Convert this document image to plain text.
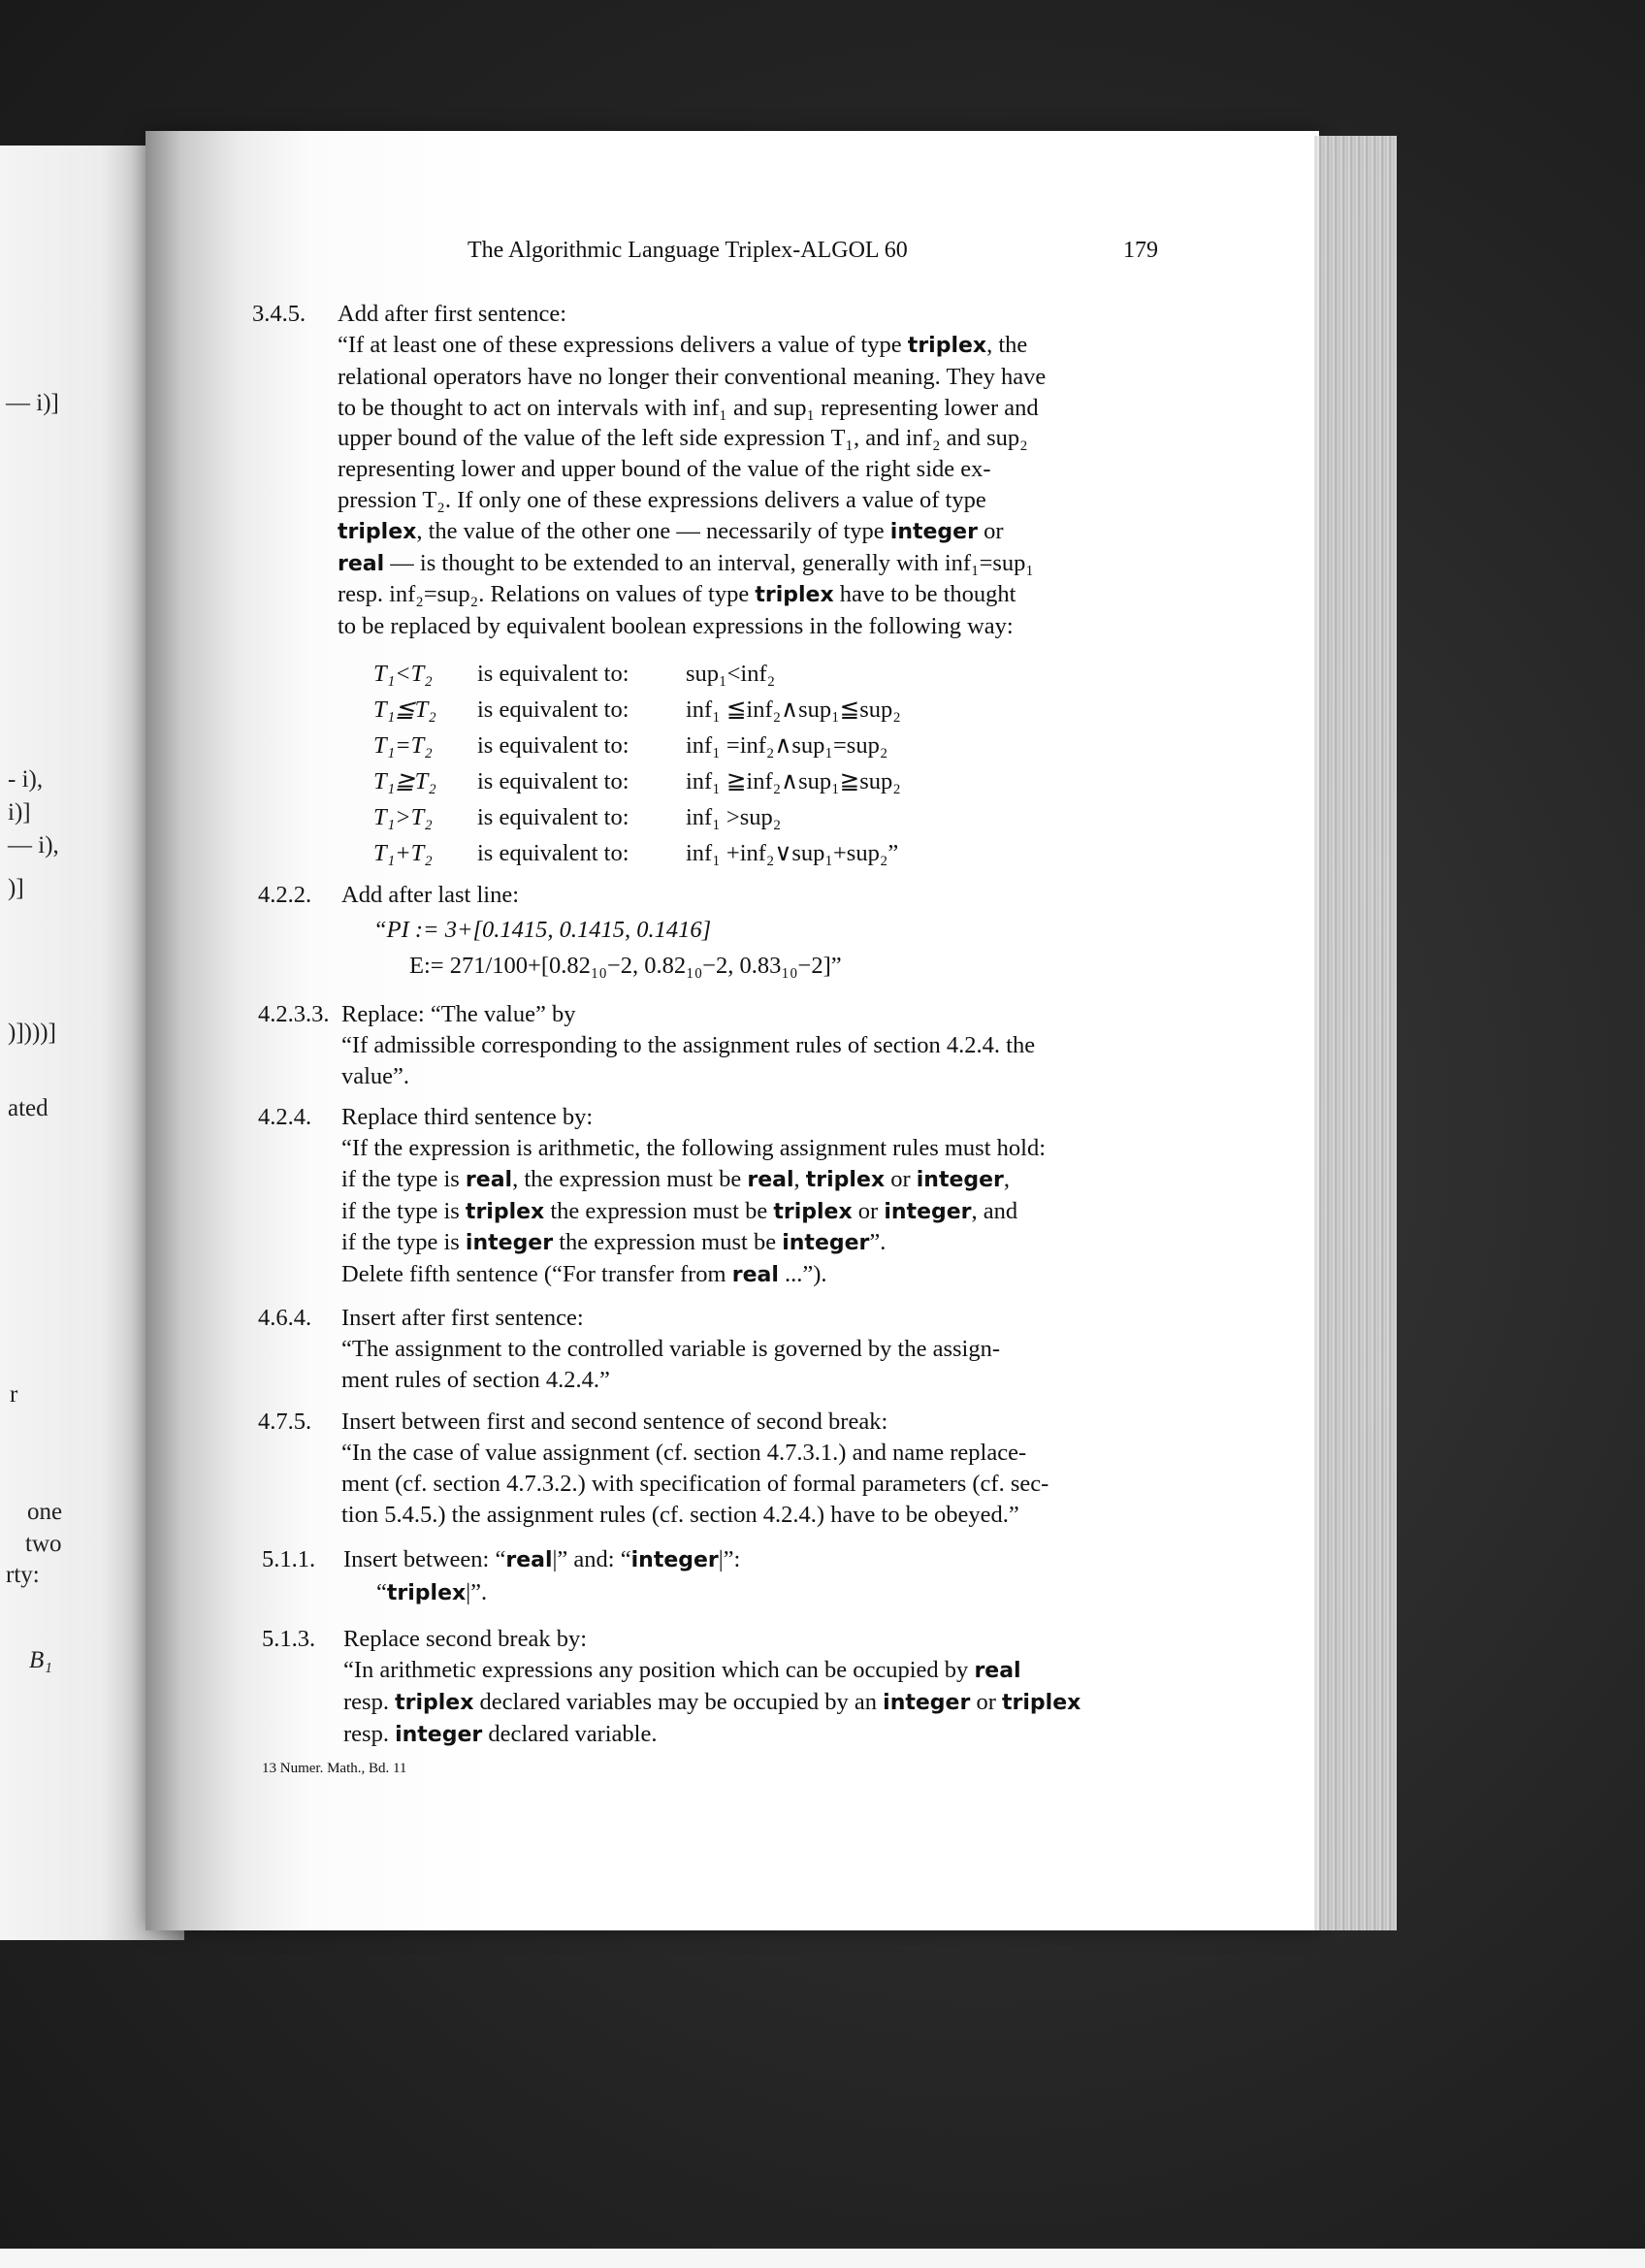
— i)]
- i),
i)]
— i),
)]
)])))]
ated
r
one
two
rty:
B₁
The Algorithmic Language Triplex-ALGOL 60	179
3.4.5. Add after first sentence:
“If at least one of these expressions delivers a value of type triplex, the
relational operators have no longer their conventional meaning. They have
to be thought to act on intervals with inf₁ and sup₁ representing lower and
upper bound of the value of the left side expression T₁, and inf₂ and sup₂
representing lower and upper bound of the value of the right side ex-
pression T₂. If only one of these expressions delivers a value of type
triplex, the value of the other one — necessarily of type integer or
real — is thought to be extended to an interval, generally with inf₁=sup₁
resp. inf₂=sup₂. Relations on values of type triplex have to be thought
to be replaced by equivalent boolean expressions in the following way:
T₁<T₂ is equivalent to: sup₁<inf₂
T₁≦T₂ is equivalent to: inf₁ ≦inf₂∧sup₁≦sup₂
T₁=T₂ is equivalent to: inf₁ =inf₂∧sup₁=sup₂
T₁≧T₂ is equivalent to: inf₁ ≧inf₂∧sup₁≧sup₂
T₁>T₂ is equivalent to: inf₁ >sup₂
T₁+T₂ is equivalent to: inf₁ +inf₂∨sup₁+sup₂”
4.2.2. Add after last line:
“PI := 3+[0.1415, 0.1415, 0.1416]
E:= 271/100+[0.82₁₀−2, 0.82₁₀−2, 0.83₁₀−2]”
4.2.3.3. Replace: “The value” by
“If admissible corresponding to the assignment rules of section 4.2.4. the
value”.
4.2.4. Replace third sentence by:
“If the expression is arithmetic, the following assignment rules must hold:
if the type is real, the expression must be real, triplex or integer,
if the type is triplex the expression must be triplex or integer, and
if the type is integer the expression must be integer”.
Delete fifth sentence (“For transfer from real ...”).
4.6.4. Insert after first sentence:
“The assignment to the controlled variable is governed by the assign-
ment rules of section 4.2.4.”
4.7.5. Insert between first and second sentence of second break:
“In the case of value assignment (cf. section 4.7.3.1.) and name replace-
ment (cf. section 4.7.3.2.) with specification of formal parameters (cf. sec-
tion 5.4.5.) the assignment rules (cf. section 4.2.4.) have to be obeyed.”
5.1.1. Insert between: “real|” and: “integer|”:
“triplex|”.
5.1.3. Replace second break by:
“In arithmetic expressions any position which can be occupied by real
resp. triplex declared variables may be occupied by an integer or triplex
resp. integer declared variable.
13 Numer. Math., Bd. 11
